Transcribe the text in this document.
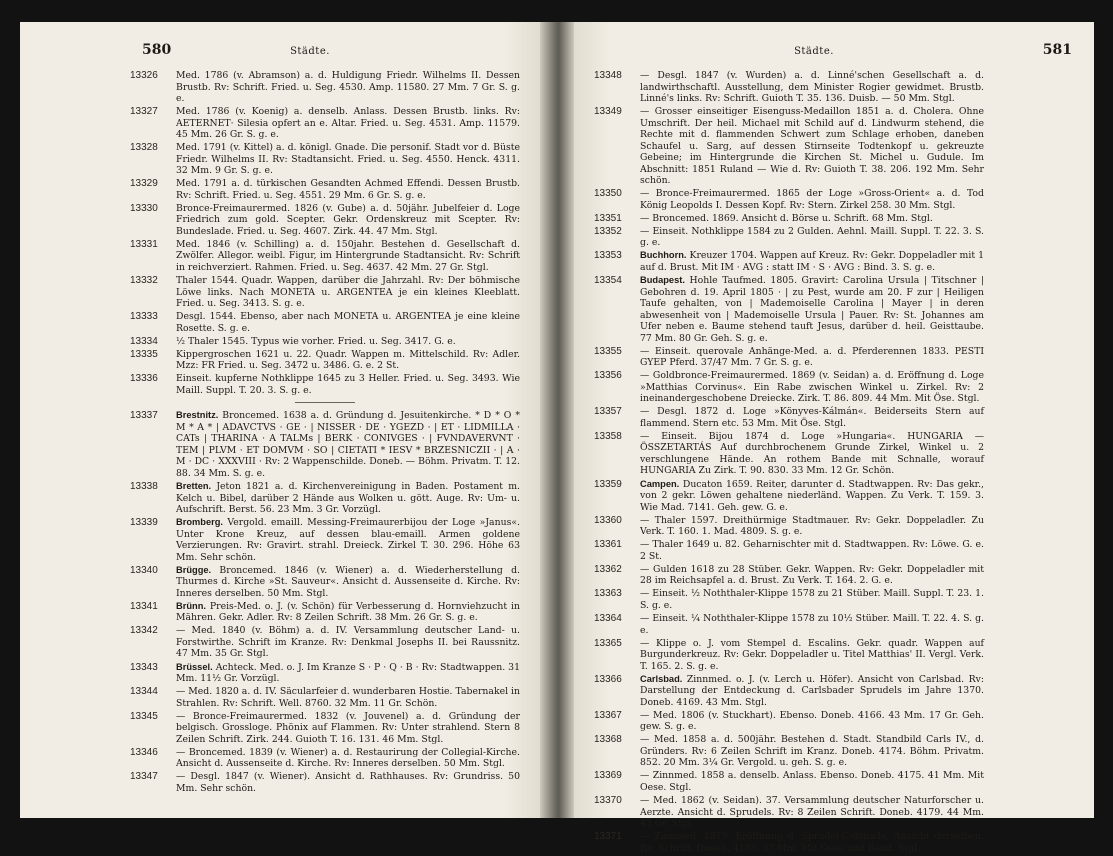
580	Städte.
13326 Med. 1786 (v. Abramson) a. d. Huldigung Friedr. Wilhelms II. Dessen Brustb. Rv: Schrift. Fried. u. Seg. 4530. Amp. 11580. 27 Mm. 7 Gr. S. g. e.
13327 Med. 1786 (v. Koenig) a. denselb. Anlass. Dessen Brustb. links. Rv: AETERNET· Silesia opfert an e. Altar. Fried. u. Seg. 4531. Amp. 11579. 45 Mm. 26 Gr. S. g. e.
13328 Med. 1791 (v. Kittel) a. d. königl. Gnade. Die personif. Stadt vor d. Büste Friedr. Wilhelms II. Rv: Stadtansicht. Fried. u. Seg. 4550. Henck. 4311. 32 Mm. 9 Gr. S. g. e.
13329 Med. 1791 a. d. türkischen Gesandten Achmed Effendi. Dessen Brustb. Rv: Schrift. Fried. u. Seg. 4551. 29 Mm. 6 Gr. S. g. e.
13330 Bronce-Freimaurermed. 1826 (v. Gube) a. d. 50jähr. Jubelfeier d. Loge Friedrich zum gold. Scepter. Gekr. Ordenskreuz mit Scepter. Rv: Bundeslade. Fried. u. Seg. 4607. Zirk. 44. 47 Mm. Stgl.
13331 Med. 1846 (v. Schilling) a. d. 150jahr. Bestehen d. Gesellschaft d. Zwölfer. Allegor. weibl. Figur, im Hintergrunde Stadtansicht. Rv: Schrift in reichverziert. Rahmen. Fried. u. Seg. 4637. 42 Mm. 27 Gr. Stgl.
13332 Thaler 1544. Quadr. Wappen, darüber die Jahrzahl. Rv: Der böhmische Löwe links. Nach MONETA u. ARGENTEA je ein kleines Kleeblatt. Fried. u. Seg. 3413. S. g. e.
13333 Desgl. 1544. Ebenso, aber nach MONETA u. ARGENTEA je eine kleine Rosette. S. g. e.
13334 ½ Thaler 1545. Typus wie vorher. Fried. u. Seg. 3417. G. e.
13335 Kippergroschen 1621 u. 22. Quadr. Wappen m. Mittelschild. Rv: Adler. Mzz: FR Fried. u. Seg. 3472 u. 3486. G. e. 2 St.
13336 Einseit. kupferne Nothklippe 1645 zu 3 Heller. Fried. u. Seg. 3493. Wie Maill. Suppl. T. 20. 3. S. g. e.
13337 Brestnitz. Broncemed. 1638 a. d. Gründung d. Jesuitenkirche. * D * O * M * A * | ADAVCTVS · GE · | NISSER · DE · YGEZD · | ET · LIDMILLA · CATs | THARINA · A TALMs | BERK · CONIVGES · | FVNDAVERVNT · TEM | PLVM · ET DOMVM · SO | CIETATI * IESV * BRZESNICZII · | A · M · DC · XXXVIII · Rv: 2 Wappenschilde. Doneb. — Böhm. Privatm. T. 12. 88. 34 Mm. S. g. e.
13338 Bretten. Jeton 1821 a. d. Kirchenvereinigung in Baden. Postament m. Kelch u. Bibel, darüber 2 Hände aus Wolken u. gött. Auge. Rv: Um- u. Aufschrift. Berst. 56. 23 Mm. 3 Gr. Vorzügl.
13339 Bromberg. Vergold. emaill. Messing-Freimaurerbijou der Loge »Janus«. Unter Krone Kreuz, auf dessen blau-emaill. Armen goldene Verzierungen. Rv: Gravirt. strahl. Dreieck. Zirkel T. 30. 296. Höhe 63 Mm. Sehr schön.
13340 Brügge. Broncemed. 1846 (v. Wiener) a. d. Wiederherstellung d. Thurmes d. Kirche »St. Sauveur«. Ansicht d. Aussenseite d. Kirche. Rv: Inneres derselben. 50 Mm. Stgl.
13341 Brünn. Preis-Med. o. J. (v. Schön) für Verbesserung d. Hornviehzucht in Mähren. Gekr. Adler. Rv: 8 Zeilen Schrift. 38 Mm. 26 Gr. S. g. e.
13342 — Med. 1840 (v. Böhm) a. d. IV. Versammlung deutscher Land- u. Forstwirthe. Schrift im Kranze. Rv: Denkmal Josephs II. bei Raussnitz. 47 Mm. 35 Gr. Stgl.
13343 Brüssel. Achteck. Med. o. J. Im Kranze S · P · Q · B · Rv: Stadtwappen. 31 Mm. 11½ Gr. Vorzügl.
13344 — Med. 1820 a. d. IV. Säcularfeier d. wunderbaren Hostie. Tabernakel in Strahlen. Rv: Schrift. Well. 8760. 32 Mm. 11 Gr. Schön.
13345 — Bronce-Freimaurermed. 1832 (v. Jouvenel) a. d. Gründung der belgisch. Grossloge. Phönix auf Flammen. Rv: Unter strahlend. Stern 8 Zeilen Schrift. Zirk. 244. Guioth T. 16. 131. 46 Mm. Stgl.
13346 — Broncemed. 1839 (v. Wiener) a. d. Restaurirung der Collegial-Kirche. Ansicht d. Aussenseite d. Kirche. Rv: Inneres derselben. 50 Mm. Stgl.
13347 — Desgl. 1847 (v. Wiener). Ansicht d. Rathhauses. Rv: Grundriss. 50 Mm. Sehr schön.
581
Städte.
13348 — Desgl. 1847 (v. Wurden) a. d. Linné'schen Gesellschaft a. d. landwirthschaftl. Ausstellung, dem Minister Rogier gewidmet. Brustb. Linné's links. Rv: Schrift. Guioth T. 35. 136. Duisb. — 50 Mm. Stgl.
13349 — Grosser einseitiger Eisenguss-Medaillon 1851 a. d. Cholera. Ohne Umschrift. Der heil. Michael mit Schild auf d. Lindwurm stehend, die Rechte mit d. flammenden Schwert zum Schlage erhoben, daneben Schaufel u. Sarg, auf dessen Stirnseite Todtenkopf u. gekreuzte Gebeine; im Hintergrunde die Kirchen St. Michel u. Gudule. Im Abschnitt: 1851 Ruland — Wie d. Rv: Guioth T. 38. 206. 192 Mm. Sehr schön.
13350 — Bronce-Freimaurermed. 1865 der Loge »Gross-Orient« a. d. Tod König Leopolds I. Dessen Kopf. Rv: Stern. Zirkel 258. 30 Mm. Stgl.
13351 — Broncemed. 1869. Ansicht d. Börse u. Schrift. 68 Mm. Stgl.
13352 — Einseit. Nothklippe 1584 zu 2 Gulden. Aehnl. Maill. Suppl. T. 22. 3. S. g. e.
13353 Buchhorn. Kreuzer 1704. Wappen auf Kreuz. Rv: Gekr. Doppeladler mit 1 auf d. Brust. Mit IM · AVG : statt IM · S · AVG : Bind. 3. S. g. e.
13354 Budapest. Hohle Taufmed. 1805. Gravirt: Carolina Ursula | Titschner | Gebohren d. 19. April 1805 · | zu Pest, wurde am 20. F zur | Heiligen Taufe gehalten, von | Mademoiselle Carolina | Mayer | in deren abwesenheit von | Mademoiselle Ursula | Pauer. Rv: St. Johannes am Ufer neben e. Baume stehend tauft Jesus, darüber d. heil. Geisttaube. 77 Mm. 80 Gr. Geh. S. g. e.
13355 — Einseit. querovale Anhänge-Med. a. d. Pferderennen 1833. PESTI GYEP Pferd. 37/47 Mm. 7 Gr. S. g. e.
13356 — Goldbronce-Freimaurermed. 1869 (v. Seidan) a. d. Eröffnung d. Loge »Matthias Corvinus«. Ein Rabe zwischen Winkel u. Zirkel. Rv: 2 ineinandergeschobene Dreiecke. Zirk. T. 86. 809. 44 Mm. Mit Öse. Stgl.
13357 — Desgl. 1872 d. Loge »Könyves-Kálmán«. Beiderseits Stern auf flammend. Stern etc. 53 Mm. Mit Öse. Stgl.
13358 — Einseit. Bijou 1874 d. Loge »Hungaria«. HUNGARIA — ÖSSZETARTÁS Auf durchbrochenem Grunde Zirkel, Winkel u. 2 verschlungene Hände. An rothem Bande mit Schnalle, worauf HUNGARIA Zu Zirk. T. 90. 830. 33 Mm. 12 Gr. Schön.
13359 Campen. Ducaton 1659. Reiter, darunter d. Stadtwappen. Rv: Das gekr., von 2 gekr. Löwen gehaltene niederländ. Wappen. Zu Verk. T. 159. 3. Wie Mad. 7141. Geh. gew. G. e.
13360 — Thaler 1597. Dreithürmige Stadtmauer. Rv: Gekr. Doppeladler. Zu Verk. T. 160. 1. Mad. 4809. S. g. e.
13361 — Thaler 1649 u. 82. Geharnischter mit d. Stadtwappen. Rv: Löwe. G. e. 2 St.
13362 — Gulden 1618 zu 28 Stüber. Gekr. Wappen. Rv: Gekr. Doppeladler mit 28 im Reichsapfel a. d. Brust. Zu Verk. T. 164. 2. G. e.
13363 — Einseit. ½ Noththaler-Klippe 1578 zu 21 Stüber. Maill. Suppl. T. 23. 1. S. g. e.
13364 — Einseit. ¼ Noththaler-Klippe 1578 zu 10½ Stüber. Maill. T. 22. 4. S. g. e.
13365 — Klippe o. J. vom Stempel d. Escalins. Gekr. quadr. Wappen auf Burgunderkreuz. Rv: Gekr. Doppeladler u. Titel Matthias' II. Vergl. Verk. T. 165. 2. S. g. e.
13366 Carlsbad. Zinnmed. o. J. (v. Lerch u. Höfer). Ansicht von Carlsbad. Rv: Darstellung der Entdeckung d. Carlsbader Sprudels im Jahre 1370. Doneb. 4169. 43 Mm. Stgl.
13367 — Med. 1806 (v. Stuckhart). Ebenso. Doneb. 4166. 43 Mm. 17 Gr. Geh. gew. S. g. e.
13368 — Med. 1858 a. d. 500jähr. Bestehen d. Stadt. Standbild Carls IV., d. Gründers. Rv: 6 Zeilen Schrift im Kranz. Doneb. 4174. Böhm. Privatm. 852. 20 Mm. 3¼ Gr. Vergold. u. geh. S. g. e.
13369 — Zinnmed. 1858 a. denselb. Anlass. Ebenso. Doneb. 4175. 41 Mm. Mit Oese. Stgl.
13370 — Med. 1862 (v. Seidan). 37. Versammlung deutscher Naturforscher u. Aerzte. Ansicht d. Sprudels. Rv: 8 Zeilen Schrift. Doneb. 4179. 44 Mm. 43 Gr. Stgl.
13371 — Zinnmed. 1879. Eröffnung d. Sprudel-Colonade. Ansicht derselben. Rv: Schrift. Doneb. 4183. 37 Mm. Mit Oese und Band. Stgl.
